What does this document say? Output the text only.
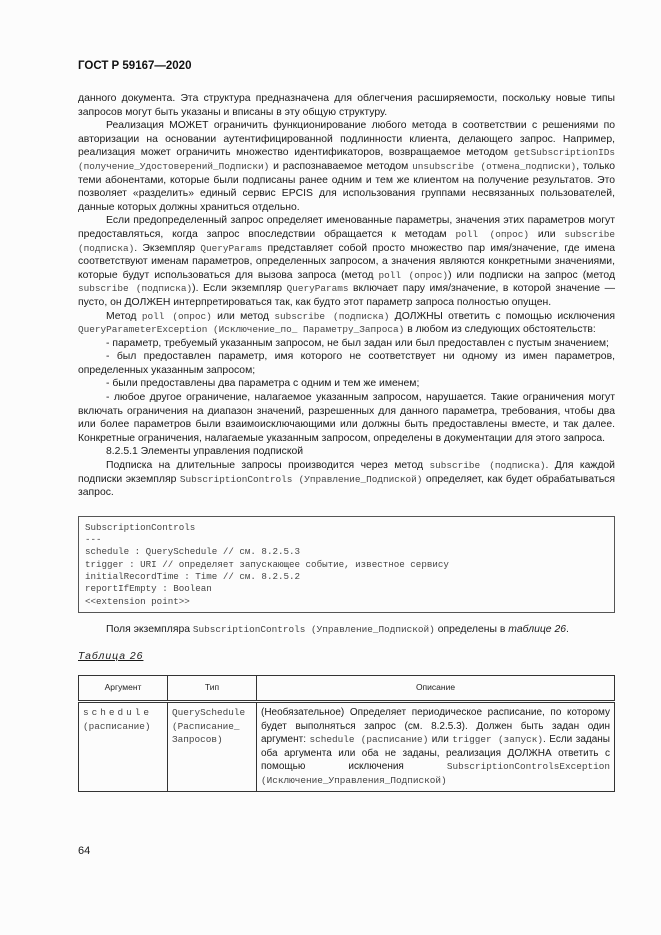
ГОСТ Р 59167—2020

данного документа. Эта структура предназначена для облегчения расширяемости, поскольку новые типы запросов могут быть указаны и вписаны в эту общую структуру.

Реализация МОЖЕТ ограничить функционирование любого метода в соответствии с решениями по авторизации на основании аутентифицированной подлинности клиента, делающего запрос. Например, реализация может ограничить множество идентификаторов, возвращаемое методом getSubscriptionIDs (получение_Удостоверений_Подписки) и распознаваемое методом unsubscribe (отмена_подписки), только теми абонентами, которые были подписаны ранее одним и тем же клиентом на получение результатов. Это позволяет «разделить» единый сервис EPCIS для использования группами несвязанных пользователей, данные которых должны храниться отдельно.

Если предопределенный запрос определяет именованные параметры, значения этих параметров могут предоставляться, когда запрос впоследствии обращается к методам poll (опрос) или subscribe (подписка). Экземпляр QueryParams представляет собой просто множество пар имя/значение, где имена соответствуют именам параметров, определенных запросом, а значения являются конкретными значениями, которые будут использоваться для вызова запроса (метод poll (опрос)) или подписки на запрос (метод subscribe (подписка)). Если экземпляр QueryParams включает пару имя/значение, в которой значение — пусто, он ДОЛЖЕН интерпретироваться так, как будто этот параметр запроса полностью опущен.

Метод poll (опрос) или метод subscribe (подписка) ДОЛЖНЫ ответить с помощью исключения QueryParameterException (Исключение_по_ Параметру_Запроса) в любом из следующих обстоятельств:

- параметр, требуемый указанным запросом, не был задан или был предоставлен с пустым значением;

- был предоставлен параметр, имя которого не соответствует ни одному из имен параметров, определенных указанным запросом;

- были предоставлены два параметра с одним и тем же именем;

- любое другое ограничение, налагаемое указанным запросом, нарушается. Такие ограничения могут включать ограничения на диапазон значений, разрешенных для данного параметра, требования, чтобы два или более параметров были взаимоисключающими или должны быть предоставлены вместе, и так далее. Конкретные ограничения, налагаемые указанным запросом, определены в документации для этого запроса.

8.2.5.1 Элементы управления подпиской

Подписка на длительные запросы производится через метод subscribe (подписка). Для каждой подписки экземпляр SubscriptionControls (Управление_Подпиской) определяет, как будет обрабатываться запрос.

SubscriptionControls
---
schedule : QuerySchedule // см. 8.2.5.3
trigger : URI // определяет запускающее событие, известное сервису
initialRecordTime : Time // см. 8.2.5.2
reportIfEmpty : Boolean
<<extension point>>

Поля экземпляра SubscriptionControls (Управление_Подпиской) определены в таблице 26.

Таблица 26
Аргумент	Тип	Описание

schedule
(расписание)	QuerySchedule (Расписание_ Запросов)	(Необязательное) Определяет периодическое расписание, по которому будет выполняться запрос (см. 8.2.5.3). Должен быть задан один аргумент: schedule (расписание) или trigger (запуск). Если заданы оба аргумента или оба не заданы, реализация ДОЛЖНА ответить с помощью исключения SubscriptionControlsException (Исключение_Управления_Подпиской)
64
